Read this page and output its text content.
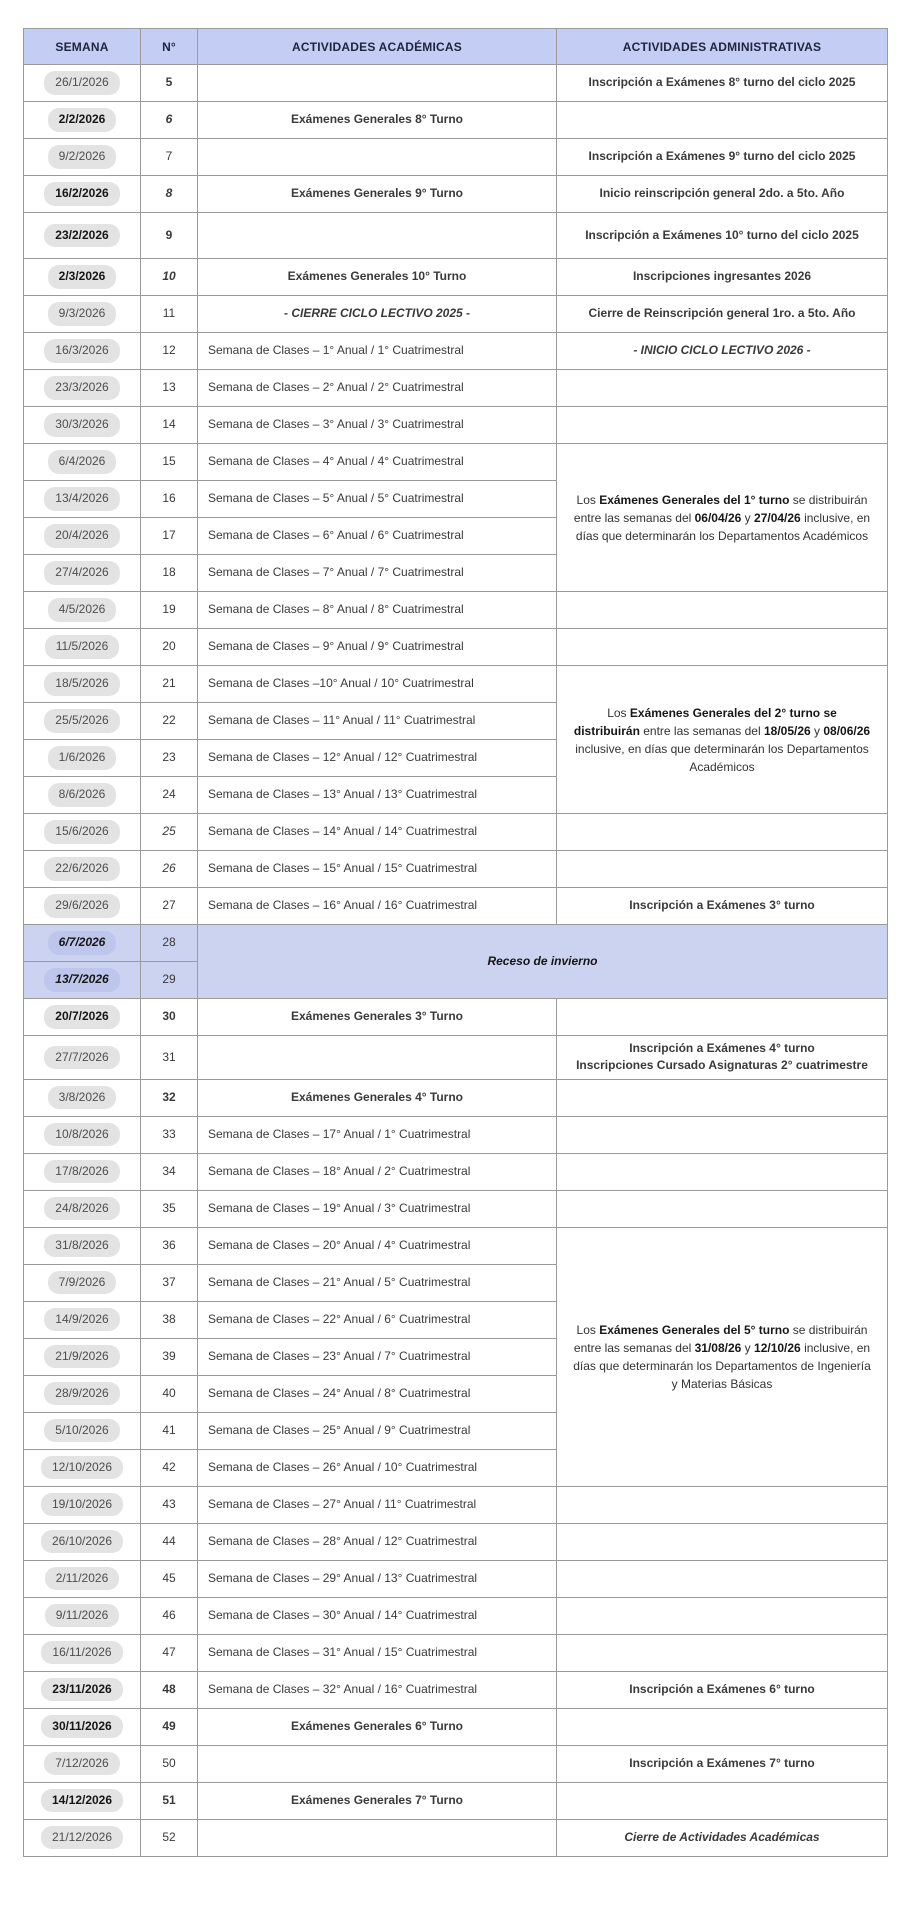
SEMANA	N°	ACTIVIDADES ACADÉMICAS	ACTIVIDADES ADMINISTRATIVAS
26/1/2026	5		Inscripción a Exámenes 8° turno del ciclo 2025
2/2/2026	6	Exámenes Generales 8° Turno	
9/2/2026	7		Inscripción a Exámenes 9° turno del ciclo 2025
16/2/2026	8	Exámenes Generales 9° Turno	Inicio reinscripción general 2do. a 5to. Año
23/2/2026	9		Inscripción a Exámenes 10° turno del ciclo 2025
2/3/2026	10	Exámenes Generales 10° Turno	Inscripciones ingresantes 2026
9/3/2026	11	- CIERRE CICLO LECTIVO 2025 -	Cierre de Reinscripción general 1ro. a 5to. Año
16/3/2026	12	Semana de Clases – 1° Anual / 1° Cuatrimestral	- INICIO CICLO LECTIVO 2026 -
23/3/2026	13	Semana de Clases – 2° Anual / 2° Cuatrimestral	
30/3/2026	14	Semana de Clases – 3° Anual / 3° Cuatrimestral	
6/4/2026	15	Semana de Clases – 4° Anual / 4° Cuatrimestral	Los Exámenes Generales del 1° turno se distribuirán entre las semanas del 06/04/26 y 27/04/26 inclusive, en días que determinarán los Departamentos Académicos
13/4/2026	16	Semana de Clases – 5° Anual / 5° Cuatrimestral	
20/4/2026	17	Semana de Clases – 6° Anual / 6° Cuatrimestral	
27/4/2026	18	Semana de Clases – 7° Anual / 7° Cuatrimestral	
4/5/2026	19	Semana de Clases – 8° Anual / 8° Cuatrimestral	
11/5/2026	20	Semana de Clases – 9° Anual / 9° Cuatrimestral	
18/5/2026	21	Semana de Clases –10° Anual / 10° Cuatrimestral	Los Exámenes Generales del 2° turno se distribuirán entre las semanas del 18/05/26 y 08/06/26 inclusive, en días que determinarán los Departamentos Académicos
25/5/2026	22	Semana de Clases – 11° Anual / 11° Cuatrimestral	
1/6/2026	23	Semana de Clases – 12° Anual / 12° Cuatrimestral	
8/6/2026	24	Semana de Clases – 13° Anual / 13° Cuatrimestral	
15/6/2026	25	Semana de Clases – 14° Anual / 14° Cuatrimestral	
22/6/2026	26	Semana de Clases – 15° Anual / 15° Cuatrimestral	
29/6/2026	27	Semana de Clases – 16° Anual / 16° Cuatrimestral	Inscripción a Exámenes 3° turno
6/7/2026	28	Receso de invierno	
13/7/2026	29		
20/7/2026	30	Exámenes Generales 3° Turno	
27/7/2026	31		Inscripción a Exámenes 4° turno
Inscripciones Cursado Asignaturas 2° cuatrimestre
3/8/2026	32	Exámenes Generales 4° Turno	
10/8/2026	33	Semana de Clases – 17° Anual / 1° Cuatrimestral	
17/8/2026	34	Semana de Clases – 18° Anual / 2° Cuatrimestral	
24/8/2026	35	Semana de Clases – 19° Anual / 3° Cuatrimestral	
31/8/2026	36	Semana de Clases – 20° Anual / 4° Cuatrimestral	Los Exámenes Generales del 5° turno se distribuirán entre las semanas del 31/08/26 y 12/10/26 inclusive, en días que determinarán los Departamentos de Ingeniería y Materias Básicas
7/9/2026	37	Semana de Clases – 21° Anual / 5° Cuatrimestral	
14/9/2026	38	Semana de Clases – 22° Anual / 6° Cuatrimestral	
21/9/2026	39	Semana de Clases – 23° Anual / 7° Cuatrimestral	
28/9/2026	40	Semana de Clases – 24° Anual / 8° Cuatrimestral	
5/10/2026	41	Semana de Clases – 25° Anual / 9° Cuatrimestral	
12/10/2026	42	Semana de Clases – 26° Anual / 10° Cuatrimestral	
19/10/2026	43	Semana de Clases – 27° Anual / 11° Cuatrimestral	
26/10/2026	44	Semana de Clases – 28° Anual / 12° Cuatrimestral	
2/11/2026	45	Semana de Clases – 29° Anual / 13° Cuatrimestral	
9/11/2026	46	Semana de Clases – 30° Anual / 14° Cuatrimestral	
16/11/2026	47	Semana de Clases – 31° Anual / 15° Cuatrimestral	
23/11/2026	48	Semana de Clases – 32° Anual / 16° Cuatrimestral	Inscripción a Exámenes 6° turno
30/11/2026	49	Exámenes Generales 6° Turno	
7/12/2026	50		Inscripción a Exámenes 7° turno
14/12/2026	51	Exámenes Generales 7° Turno	
21/12/2026	52		Cierre de Actividades Académicas
